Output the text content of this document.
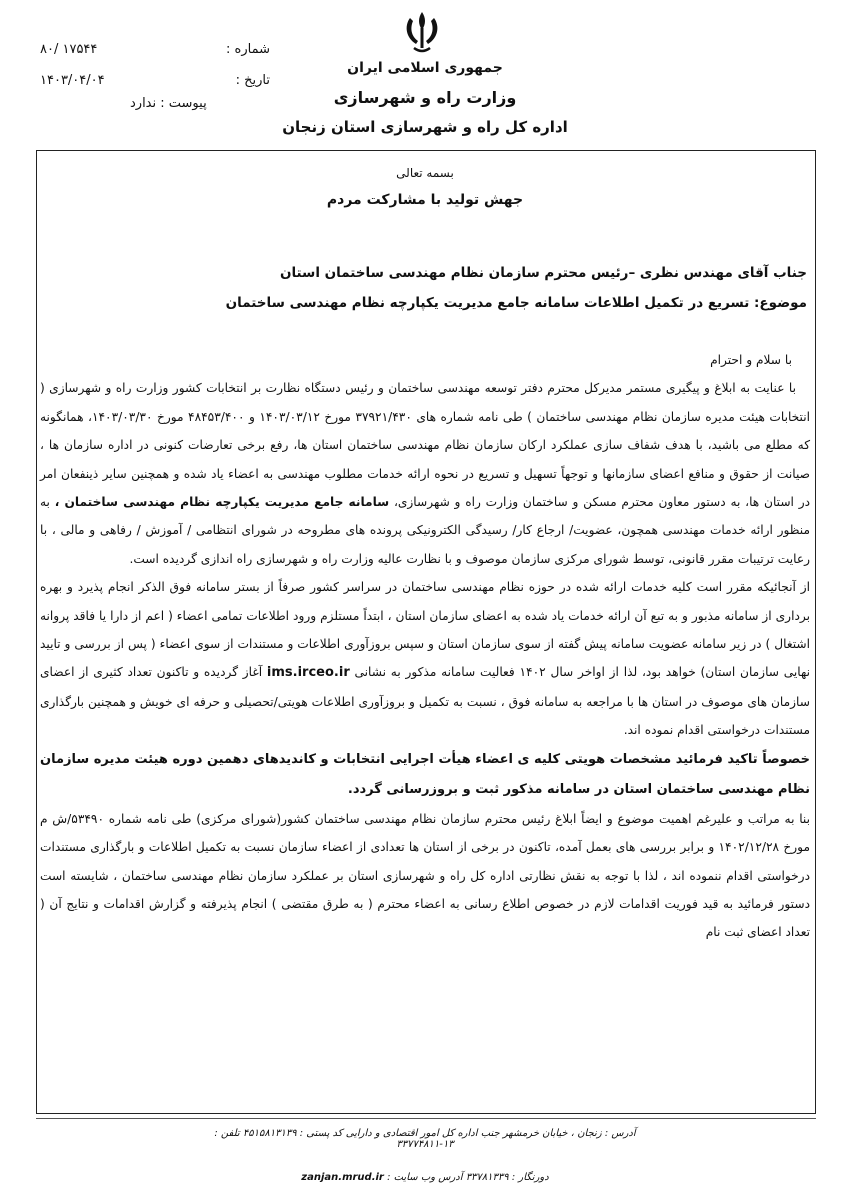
شماره :
تاریخ :
۸۰/ ۱۷۵۴۴
۱۴۰۳/۰۴/۰۴
پیوست : ندارد
جمهوری اسلامی ایران
وزارت راه و شهرسازی
اداره کل راه و شهرسازی استان زنجان
بسمه تعالی
جهش تولید با مشارکت مردم
جناب آقای مهندس نظری –رئیس محترم سازمان نظام مهندسی ساختمان استان
موضوع: تسریع در تکمیل اطلاعات سامانه جامع مدیریت یکپارچه نظام مهندسی ساختمان

با سلام و احترام

با عنایت به ابلاغ و پیگیری مستمر مدیرکل محترم دفتر توسعه مهندسی ساختمان و رئیس دستگاه نظارت بر انتخابات کشور وزارت راه و شهرسازی ( انتخابات هیئت مدیره سازمان نظام مهندسی ساختمان ) طی نامه شماره های ۳۷۹۲۱/۴۳۰ مورخ ۱۴۰۳/۰۳/۱۲ و ۴۸۴۵۳/۴۰۰ مورخ ۱۴۰۳/۰۳/۳۰، همانگونه که مطلع می باشید، با هدف شفاف سازی عملکرد ارکان سازمان نظام مهندسی ساختمان استان ها، رفع برخی تعارضات کنونی در اداره سازمان ها ، صیانت از حقوق و منافع اعضای سازمانها و توجهاً تسهیل و تسریع در نحوه ارائه خدمات مطلوب مهندسی به اعضاء یاد شده و همچنین سایر ذینفعان امر در استان ها، به دستور معاون محترم مسکن و ساختمان وزارت راه و شهرسازی، سامانه جامع مدیریت یکپارچه نظام مهندسی ساختمان ، به منظور ارائه خدمات مهندسی همچون، عضویت/ ارجاع کار/ رسیدگی الکترونیکی پرونده های مطروحه در شورای انتظامی / آموزش / رفاهی و مالی ، با رعایت ترتیبات مقرر قانونی، توسط شورای مرکزی سازمان موصوف و با نظارت عالیه وزارت راه و شهرسازی راه اندازی گردیده است.

از آنجائیکه مقرر است کلیه خدمات ارائه شده در حوزه نظام مهندسی ساختمان در سراسر کشور صرفاً از بستر سامانه فوق الذکر انجام پذیرد و بهره برداری از سامانه مذبور و به تبع آن ارائه خدمات یاد شده به اعضای سازمان استان ، ابتداً مستلزم ورود اطلاعات تمامی اعضاء ( اعم از دارا یا فاقد پروانه اشتغال ) در زیر سامانه عضویت سامانه پیش گفته از سوی سازمان استان و سپس بروزآوری اطلاعات و مستندات از سوی اعضاء ( پس از بررسی و تایید نهایی سازمان استان) خواهد بود، لذا از اواخر سال ۱۴۰۲ فعالیت سامانه مذکور به نشانی ims.irceo.ir آغاز گردیده و تاکنون تعداد کثیری از اعضای سازمان های موصوف در استان ها با مراجعه به سامانه فوق ، نسبت به تکمیل و بروزآوری اطلاعات هویتی/تحصیلی و حرفه ای خویش و همچنین بارگذاری مستندات درخواستی اقدام نموده اند.

خصوصاً تاکید فرمائید مشخصات هویتی کلیه ی اعضاء هیأت اجرایی انتخابات و کاندیدهای دهمین دوره هیئت مدیره سازمان نظام مهندسی ساختمان استان در سامانه مذکور ثبت و بروزرسانی گردد.

بنا به مراتب و علیرغم اهمیت موضوع و ایضاً ابلاغ رئیس محترم سازمان نظام مهندسی ساختمان کشور(شورای مرکزی) طی نامه شماره ۵۳۴۹۰/ش م مورخ ۱۴۰۲/۱۲/۲۸ و برابر بررسی های بعمل آمده، تاکنون در برخی از استان ها تعدادی از اعضاء سازمان نسبت به تکمیل اطلاعات و بارگذاری مستندات درخواستی اقدام ننموده اند ، لذا با توجه به نقش نظارتی اداره کل راه و شهرسازی استان بر عملکرد سازمان نظام مهندسی ساختمان ، شایسته است دستور فرمائید به قید فوریت اقدامات لازم در خصوص اطلاع رسانی به اعضاء محترم ( به طرق مقتضی ) انجام پذیرفته و گزارش اقدامات و نتایج آن ( تعداد اعضای ثبت نام

آدرس : زنجان ، خیابان خرمشهر جنب اداره کل امور اقتصادی و دارایی کد پستی : ۴۵۱۵۸۱۳۱۳۹ تلفن : ۱۳-۳۳۷۷۴۸۱۱
دورنگار : ۳۳۷۸۱۳۳۹ آدرس وب سایت : zanjan.mrud.ir
